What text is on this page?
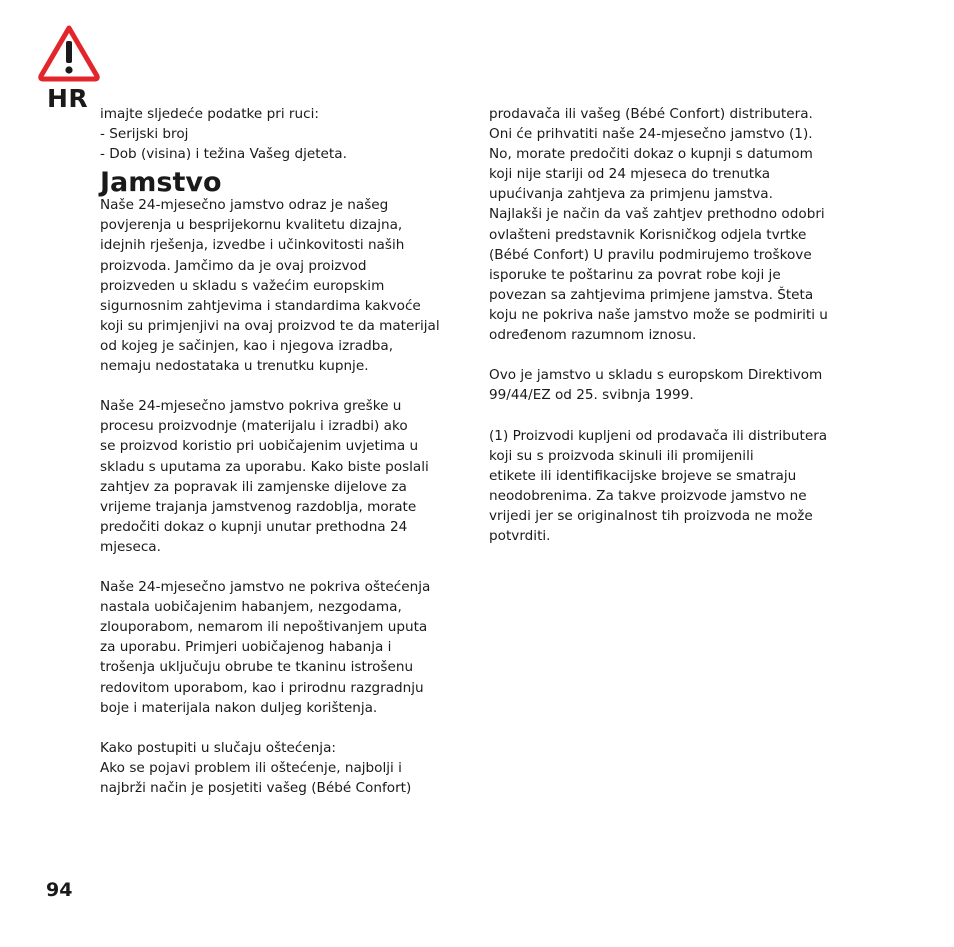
HR
imajte sljedeće podatke pri ruci:
- Serijski broj
- Dob (visina) i težina Vašeg djeteta.
Jamstvo
Naše 24-mjesečno jamstvo odraz je našeg
povjerenja u besprijekornu kvalitetu dizajna,
idejnih rješenja, izvedbe i učinkovitosti naših
proizvoda. Jamčimo da je ovaj proizvod
proizveden u skladu s važećim europskim
sigurnosnim zahtjevima i standardima kakvoće
koji su primjenjivi na ovaj proizvod te da materijal
od kojeg je sačinjen, kao i njegova izradba,
nemaju nedostataka u trenutku kupnje.
Naše 24-mjesečno jamstvo pokriva greške u
procesu proizvodnje (materijalu i izradbi) ako
se proizvod koristio pri uobičajenim uvjetima u
skladu s uputama za uporabu. Kako biste poslali
zahtjev za popravak ili zamjenske dijelove za
vrijeme trajanja jamstvenog razdoblja, morate
predočiti dokaz o kupnji unutar prethodna 24
mjeseca.
Naše 24-mjesečno jamstvo ne pokriva oštećenja
nastala uobičajenim habanjem, nezgodama,
zlouporabom, nemarom ili nepoštivanjem uputa
za uporabu. Primjeri uobičajenog habanja i
trošenja uključuju obrube te tkaninu istrošenu
redovitom uporabom, kao i prirodnu razgradnju
boje i materijala nakon duljeg korištenja.
Kako postupiti u slučaju oštećenja:
Ako se pojavi problem ili oštećenje, najbolji i
najbrži način je posjetiti vašeg (Bébé Confort)
prodavača ili vašeg (Bébé Confort) distributera.
Oni će prihvatiti naše 24-mjesečno jamstvo (1).
No, morate predočiti dokaz o kupnji s datumom
koji nije stariji od 24 mjeseca do trenutka
upućivanja zahtjeva za primjenu jamstva.
Najlakši je način da vaš zahtjev prethodno odobri
ovlašteni predstavnik Korisničkog odjela tvrtke
(Bébé Confort) U pravilu podmirujemo troškove
isporuke te poštarinu za povrat robe koji je
povezan sa zahtjevima primjene jamstva. Šteta
koju ne pokriva naše jamstvo može se podmiriti u
određenom razumnom iznosu.
Ovo je jamstvo u skladu s europskom Direktivom
99/44/EZ od 25. svibnja 1999.
(1) Proizvodi kupljeni od prodavača ili distributera
koji su s proizvoda skinuli ili promijenili
etikete ili identifikacijske brojeve se smatraju
neodobrenima. Za takve proizvode jamstvo ne
vrijedi jer se originalnost tih proizvoda ne može
potvrditi.
94
